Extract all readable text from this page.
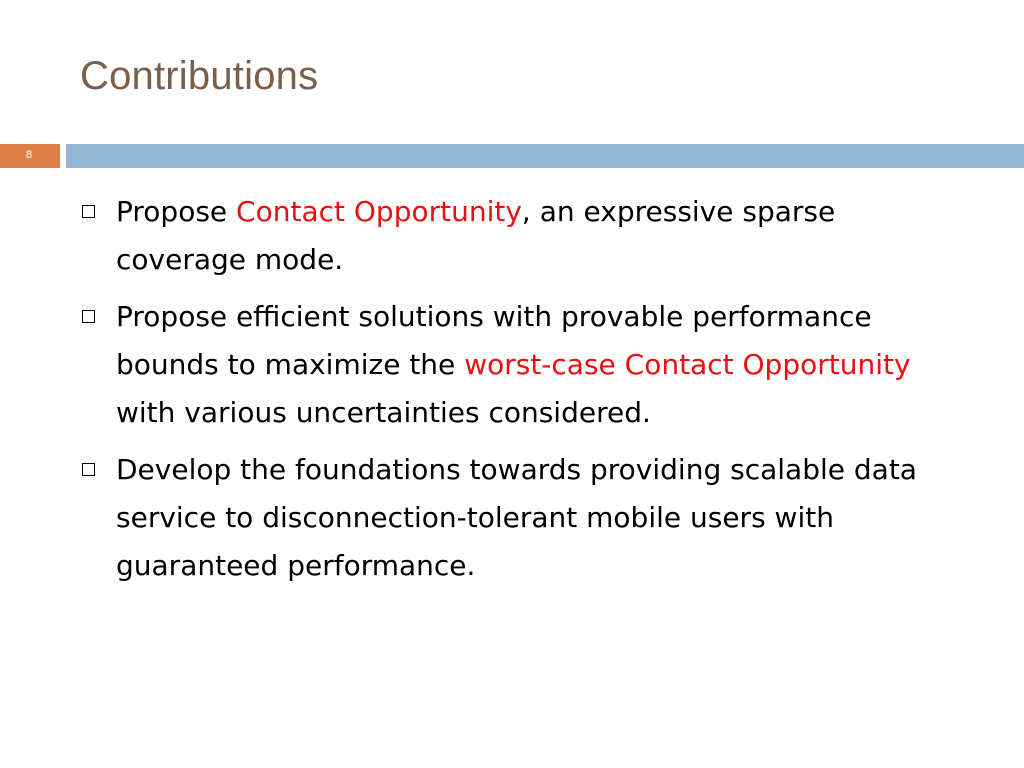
Contributions
8
Propose Contact Opportunity, an expressive sparse coverage mode.
Propose efficient solutions with provable performance bounds to maximize the worst-case Contact Opportunity with various uncertainties considered.
Develop the foundations towards providing scalable data service to disconnection-tolerant mobile users with guaranteed performance.
